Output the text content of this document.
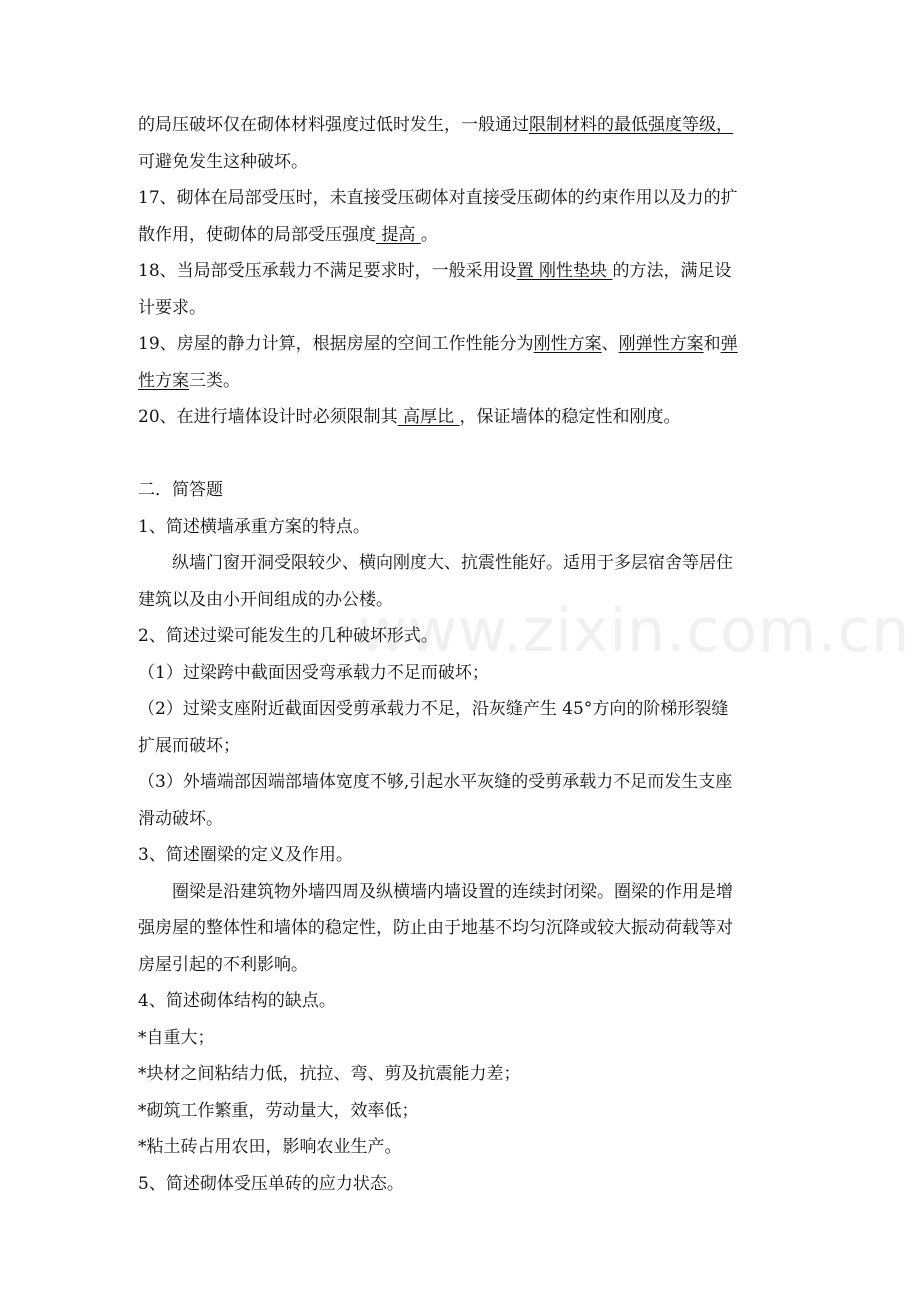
www.zixin.com.cn
的局压破坏仅在砌体材料强度过低时发生，一般通过限制材料的最低强度等级，
可避免发生这种破坏。
17、砌体在局部受压时，未直接受压砌体对直接受压砌体的约束作用以及力的扩
散作用，使砌体的局部受压强度 提高 。
18、当局部受压承载力不满足要求时，一般采用设置 刚性垫块 的方法，满足设
计要求。
19、房屋的静力计算，根据房屋的空间工作性能分为刚性方案、刚弹性方案和弹
性方案三类。
20、在进行墙体设计时必须限制其 高厚比 ，保证墙体的稳定性和刚度。
二．简答题
1、简述横墙承重方案的特点。
纵墙门窗开洞受限较少、横向刚度大、抗震性能好。适用于多层宿舍等居住
建筑以及由小开间组成的办公楼。
2、简述过梁可能发生的几种破坏形式。
（1）过梁跨中截面因受弯承载力不足而破坏；
（2）过梁支座附近截面因受剪承载力不足，沿灰缝产生 45°方向的阶梯形裂缝
扩展而破坏；
（3）外墙端部因端部墙体宽度不够,引起水平灰缝的受剪承载力不足而发生支座
滑动破坏。
3、简述圈梁的定义及作用。
圈梁是沿建筑物外墙四周及纵横墙内墙设置的连续封闭梁。圈梁的作用是增
强房屋的整体性和墙体的稳定性，防止由于地基不均匀沉降或较大振动荷载等对
房屋引起的不利影响。
4、简述砌体结构的缺点。
*自重大；
*块材之间粘结力低，抗拉、弯、剪及抗震能力差；
*砌筑工作繁重，劳动量大，效率低；
*粘土砖占用农田，影响农业生产。
5、简述砌体受压单砖的应力状态。
